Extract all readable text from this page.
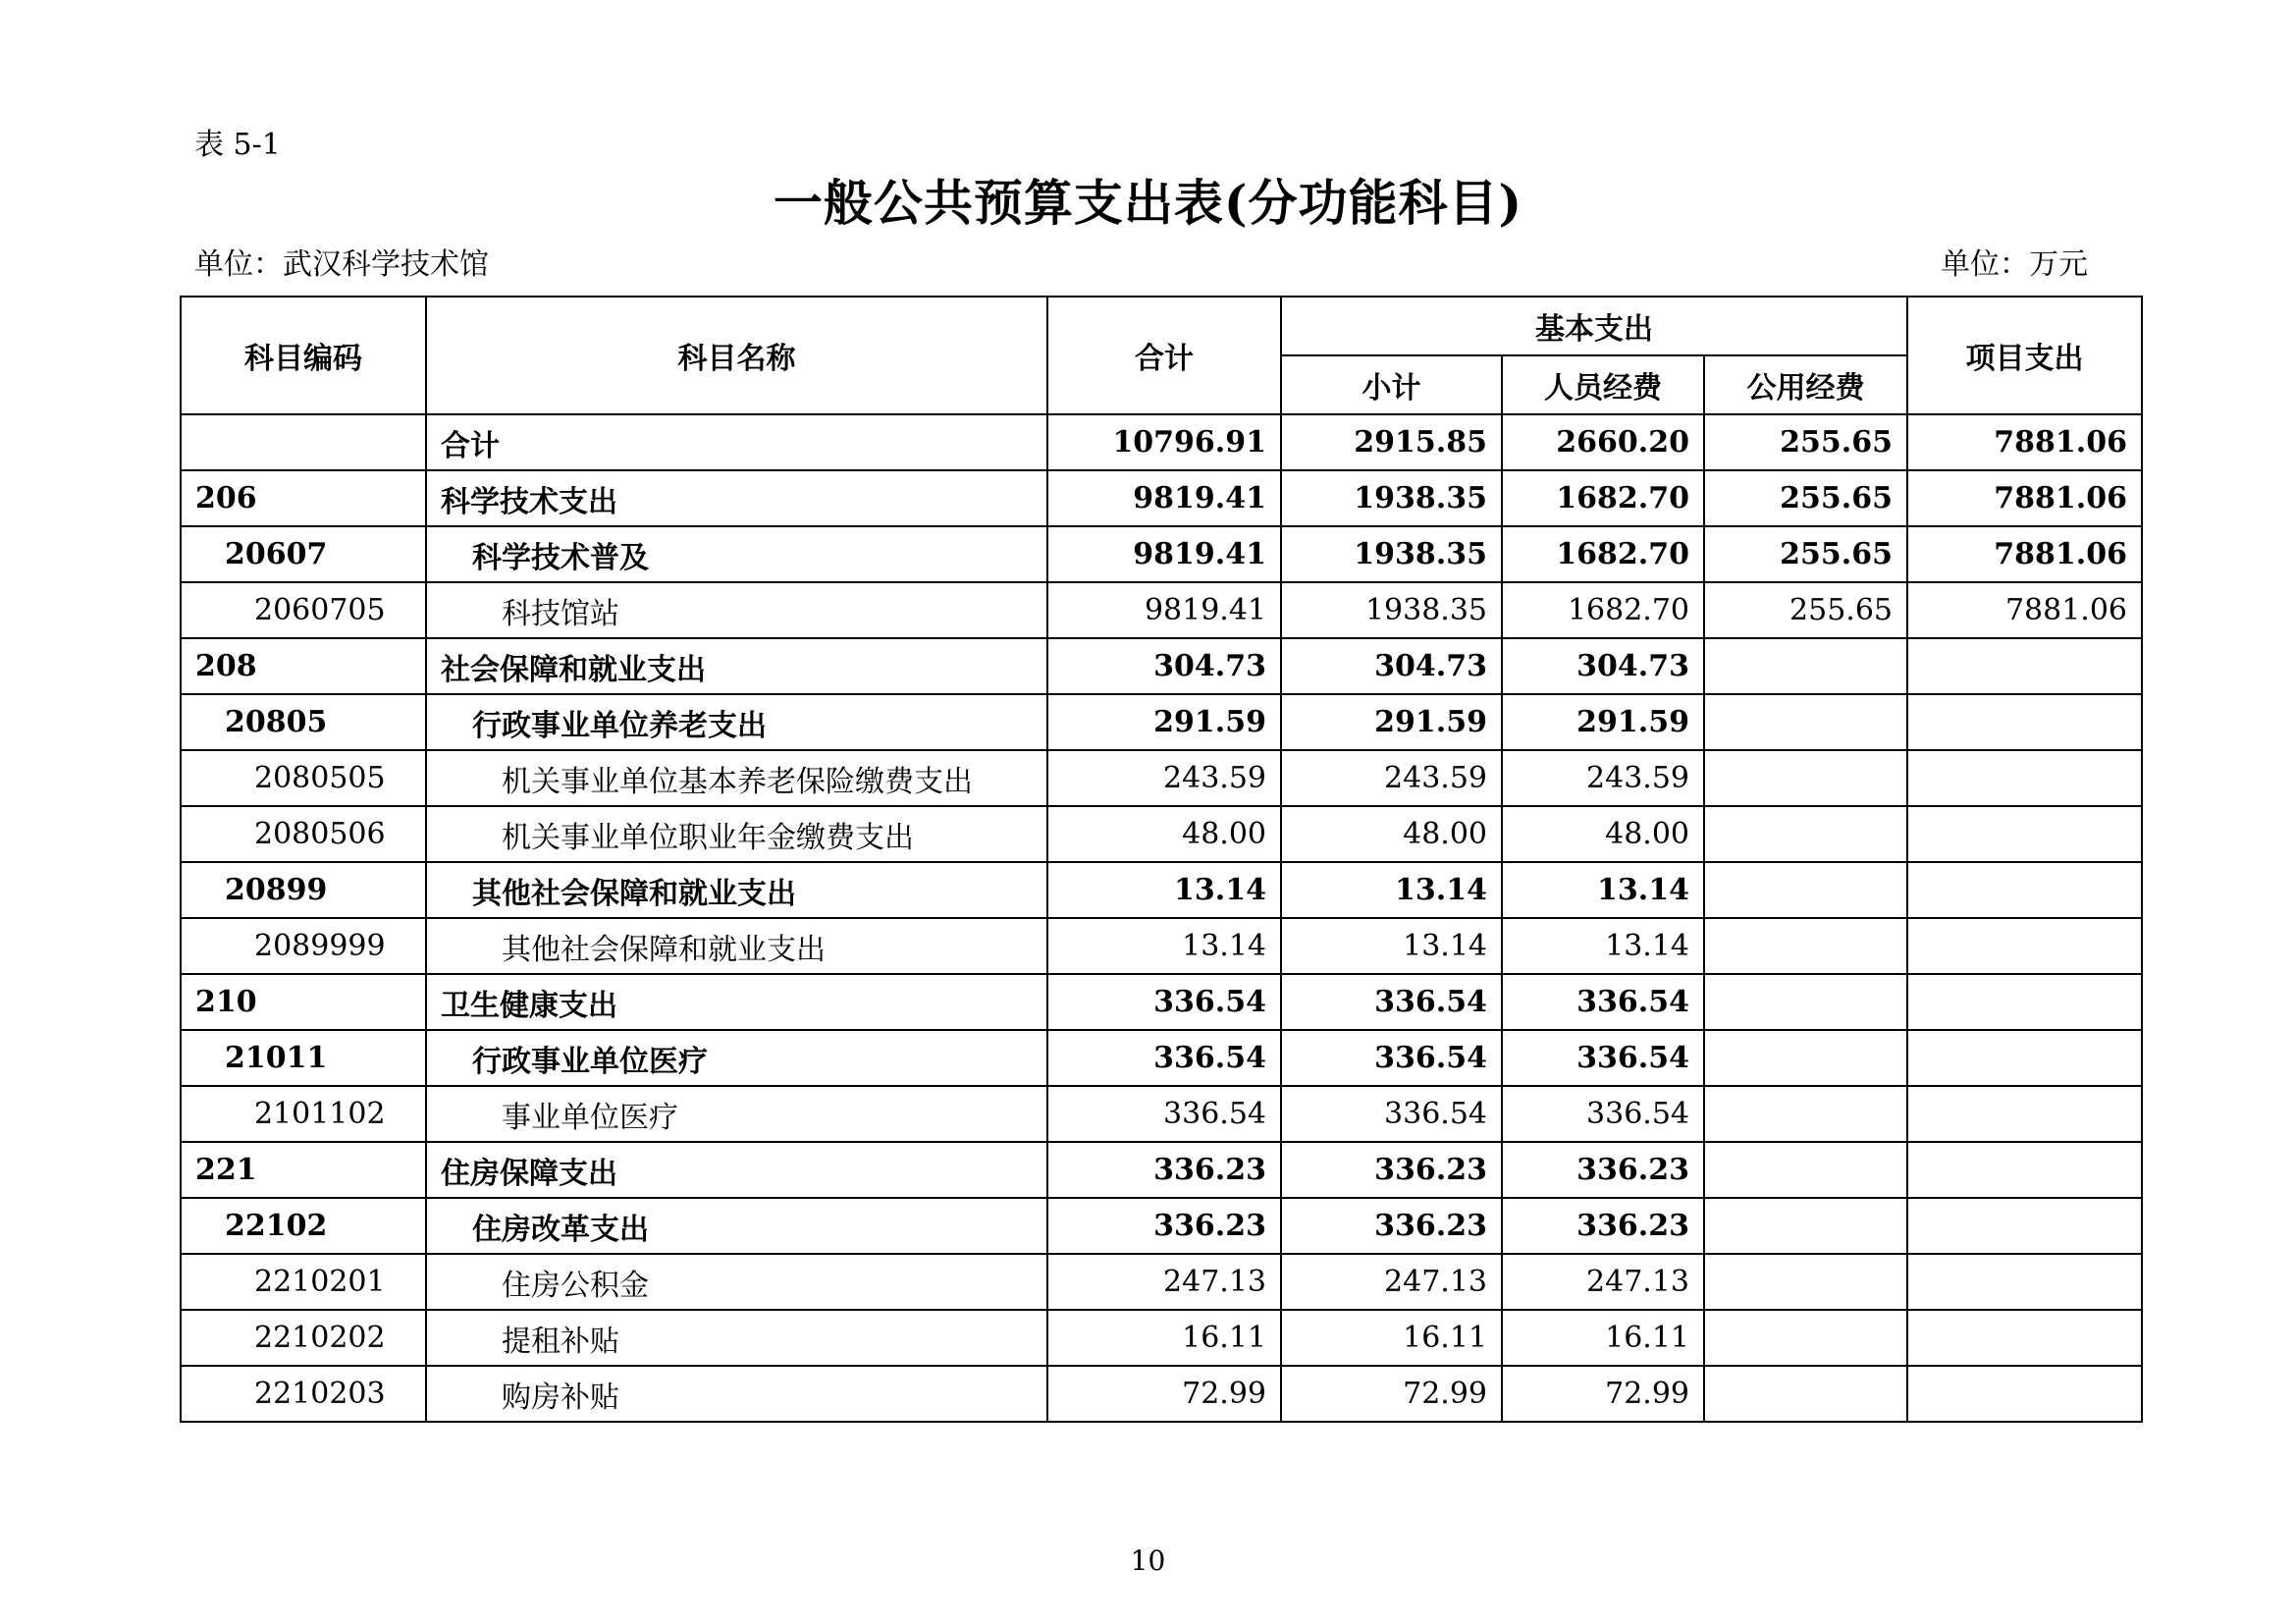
表 5-1
一般公共预算支出表(分功能科目)
单位：武汉科学技术馆	单位：万元
科目编码	科目名称	合计	基本支出			项目支出
			小计	人员经费	公用经费	
	合计	10796.91	2915.85	2660.20	255.65	7881.06
206	科学技术支出	9819.41	1938.35	1682.70	255.65	7881.06
20607	科学技术普及	9819.41	1938.35	1682.70	255.65	7881.06
2060705	科技馆站	9819.41	1938.35	1682.70	255.65	7881.06
208	社会保障和就业支出	304.73	304.73	304.73		
20805	行政事业单位养老支出	291.59	291.59	291.59		
2080505	机关事业单位基本养老保险缴费支出	243.59	243.59	243.59		
2080506	机关事业单位职业年金缴费支出	48.00	48.00	48.00		
20899	其他社会保障和就业支出	13.14	13.14	13.14		
2089999	其他社会保障和就业支出	13.14	13.14	13.14		
210	卫生健康支出	336.54	336.54	336.54		
21011	行政事业单位医疗	336.54	336.54	336.54		
2101102	事业单位医疗	336.54	336.54	336.54		
221	住房保障支出	336.23	336.23	336.23		
22102	住房改革支出	336.23	336.23	336.23		
2210201	住房公积金	247.13	247.13	247.13		
2210202	提租补贴	16.11	16.11	16.11		
2210203	购房补贴	72.99	72.99	72.99		
10
